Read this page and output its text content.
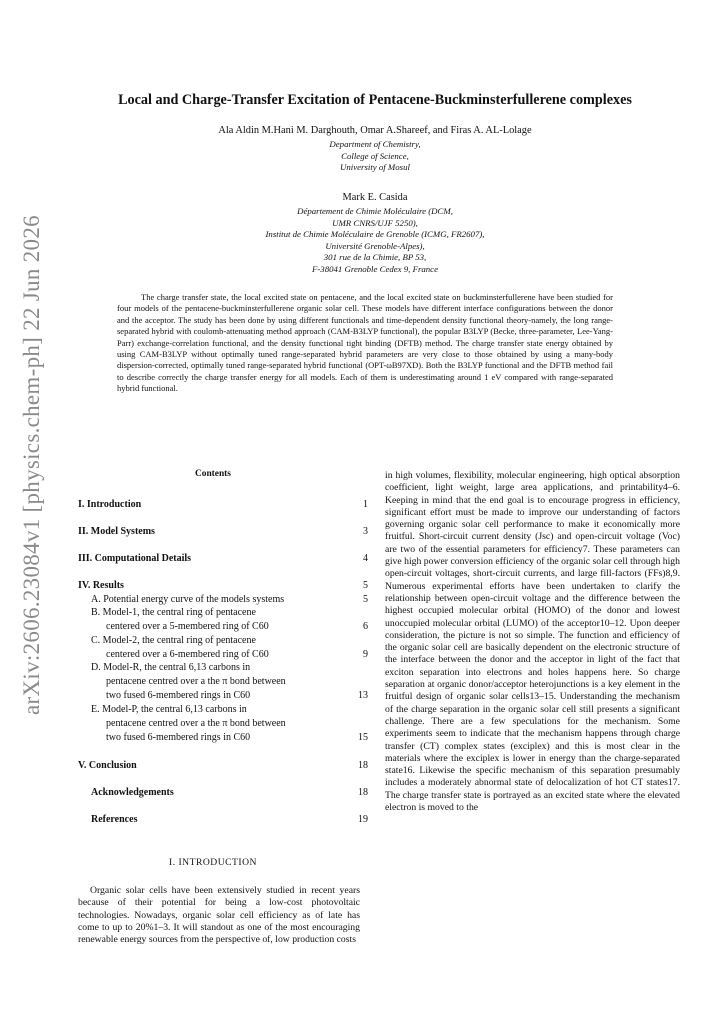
arXiv:2606.23084v1 [physics.chem-ph] 22 Jun 2026
Local and Charge-Transfer Excitation of Pentacene-Buckminsterfullerene complexes
Ala Aldin M.Hani M. Darghouth, Omar A.Shareef, and Firas A. AL-Lolage
Department of Chemistry,
College of Science,
University of Mosul
Mark E. Casida
Département de Chimie Moléculaire (DCM,
UMR CNRS/UJF 5250),
Institut de Chimie Moléculaire de Grenoble (ICMG, FR2607),
Université Grenoble-Alpes),
301 rue de la Chimie, BP 53,
F-38041 Grenoble Cedex 9, France

The charge transfer state, the local excited state on pentacene, and the local excited state on buckminsterfullerene have been studied for four models of the pentacene-buckminsterfullerene organic solar cell. These models have different interface configurations between the donor and the acceptor. The study has been done by using different functionals and time-dependent density functional theory-namely, the long range-separated hybrid with coulomb-attenuating method approach (CAM-B3LYP functional), the popular B3LYP (Becke, three-parameter, Lee-Yang-Parr) exchange-correlation functional, and the density functional tight binding (DFTB) method. The charge transfer state energy obtained by using CAM-B3LYP without optimally tuned range-separated hybrid parameters are very close to those obtained by using a many-body dispersion-corrected, optimally tuned range-separated hybrid functional (OPT-ωB97XD). Both the B3LYP functional and the DFTB method fail to describe correctly the charge transfer energy for all models. Each of them is underestimating around 1 eV compared with range-separated hybrid functional.

Contents
I. Introduction	1
II. Model Systems	3
III. Computational Details	4
IV. Results	5
A. Potential energy curve of the models systems	5
B. Model-1, the central ring of pentacene
centered over a 5-membered ring of C60	6
C. Model-2, the central ring of pentacene
centered over a 6-membered ring of C60	9
D. Model-R, the central 6,13 carbons in
pentacene centred over a the π bond between
two fused 6-membered rings in C60	13
E. Model-P, the central 6,13 carbons in
pentacene centred over a the π bond between
two fused 6-membered rings in C60	15
V. Conclusion	18
Acknowledgements	18
References	19
I. INTRODUCTION

Organic solar cells have been extensively studied in recent years because of their potential for being a low-cost photovoltaic technologies. Nowadays, organic solar cell efficiency as of late has come to up to 20%1–3. It will standout as one of the most encouraging renewable energy sources from the perspective of, low production costs

in high volumes, flexibility, molecular engineering, high optical absorption coefficient, light weight, large area applications, and printability4–6. Keeping in mind that the end goal is to encourage progress in efficiency, significant effort must be made to improve our understanding of factors governing organic solar cell performance to make it economically more fruitful. Short-circuit current density (Jsc) and open-circuit voltage (Voc) are two of the essential parameters for efficiency7. These parameters can give high power conversion efficiency of the organic solar cell through high open-circuit voltages, short-circuit currents, and large fill-factors (FFs)8,9. Numerous experimental efforts have been undertaken to clarify the relationship between open-circuit voltage and the difference between the highest occupied molecular orbital (HOMO) of the donor and lowest unoccupied molecular orbital (LUMO) of the acceptor10–12. Upon deeper consideration, the picture is not so simple. The function and efficiency of the organic solar cell are basically dependent on the electronic structure of the interface between the donor and the acceptor in light of the fact that exciton separation into electrons and holes happens here. So charge separation at organic donor/acceptor heterojunctions is a key element in the fruitful design of organic solar cells13–15. Understanding the mechanism of the charge separation in the organic solar cell still presents a significant challenge. There are a few speculations for the mechanism. Some experiments seem to indicate that the mechanism happens through charge transfer (CT) complex states (exciplex) and this is most clear in the materials where the exciplex is lower in energy than the charge-separated state16. Likewise the specific mechanism of this separation presumably includes a moderately abnormal state of delocalization of hot CT states17. The charge transfer state is portrayed as an excited state where the elevated electron is moved to the
